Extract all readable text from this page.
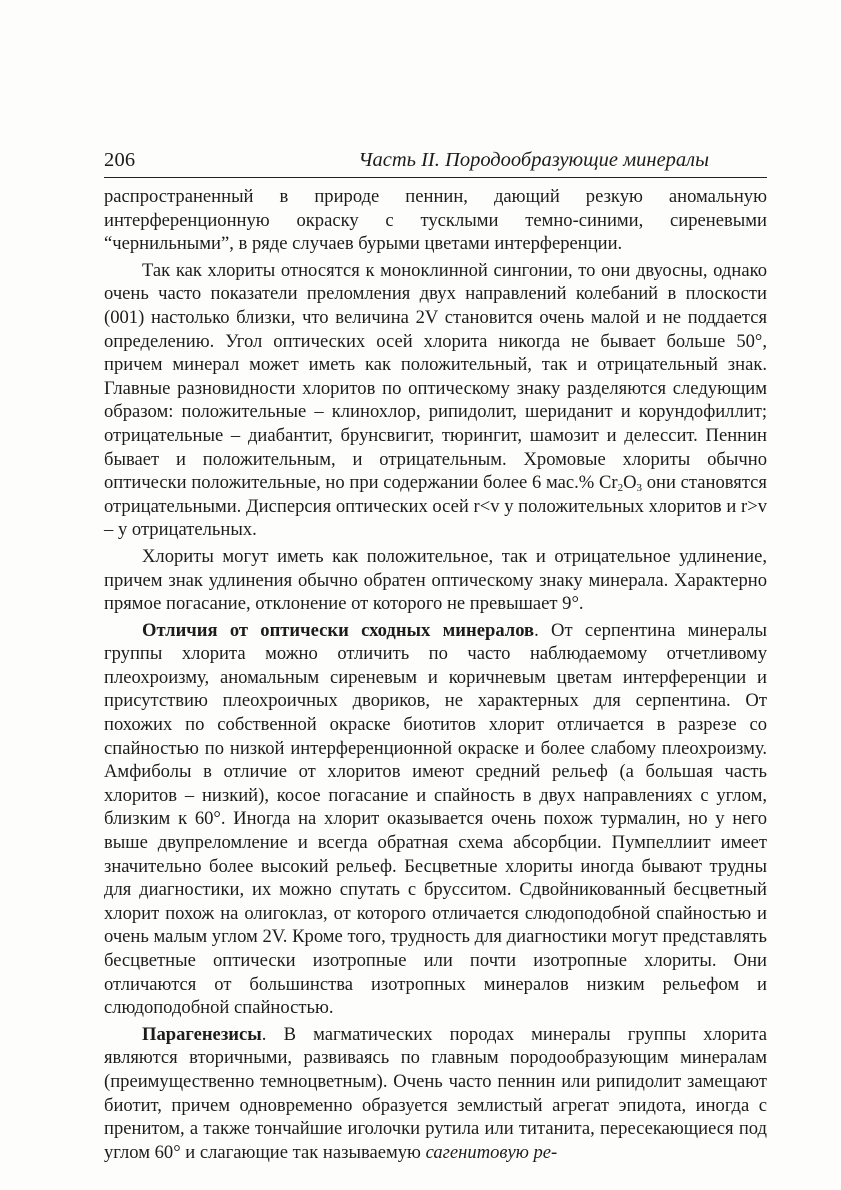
206	Часть II. Породообразующие минералы

распространенный в природе пеннин, дающий резкую аномальную интерференционную окраску с тусклыми темно-синими, сиреневыми “чернильными”, в ряде случаев бурыми цветами интерференции.

Так как хлориты относятся к моноклинной сингонии, то они двуосны, однако очень часто показатели преломления двух направлений колебаний в плоскости (001) настолько близки, что величина 2V становится очень малой и не поддается определению. Угол оптических осей хлорита никогда не бывает больше 50°, причем минерал может иметь как положительный, так и отрицательный знак. Главные разновидности хлоритов по оптическому знаку разделяются следующим образом: положительные – клинохлор, рипидолит, шериданит и корундофиллит; отрицательные – диабантит, брунсвигит, тюрингит, шамозит и делессит. Пеннин бывает и положительным, и отрицательным. Хромовые хлориты обычно оптически положительные, но при содержании более 6 мас.% $Cr_2O_3$ они становятся отрицательными. Дисперсия оптических осей r<v у положительных хлоритов и r>v – у отрицательных.

Хлориты могут иметь как положительное, так и отрицательное удлинение, причем знак удлинения обычно обратен оптическому знаку минерала. Характерно прямое погасание, отклонение от которого не превышает 9°.

Отличия от оптически сходных минералов. От серпентина минералы группы хлорита можно отличить по часто наблюдаемому отчетливому плеохроизму, аномальным сиреневым и коричневым цветам интерференции и присутствию плеохроичных двориков, не характерных для серпентина. От похожих по собственной окраске биотитов хлорит отличается в разрезе со спайностью по низкой интерференционной окраске и более слабому плеохроизму. Амфиболы в отличие от хлоритов имеют средний рельеф (а большая часть хлоритов – низкий), косое погасание и спайность в двух направлениях с углом, близким к 60°. Иногда на хлорит оказывается очень похож турмалин, но у него выше двупреломление и всегда обратная схема абсорбции. Пумпеллиит имеет значительно более высокий рельеф. Бесцветные хлориты иногда бывают трудны для диагностики, их можно спутать с брусситом. Сдвойникованный бесцветный хлорит похож на олигоклаз, от которого отличается слюдоподобной спайностью и очень малым углом 2V. Кроме того, трудность для диагностики могут представлять бесцветные оптически изотропные или почти изотропные хлориты. Они отличаются от большинства изотропных минералов низким рельефом и слюдоподобной спайностью.

Парагенезисы. В магматических породах минералы группы хлорита являются вторичными, развиваясь по главным породообразующим минералам (преимущественно темноцветным). Очень часто пеннин или рипидолит замещают биотит, причем одновременно образуется землистый агрегат эпидота, иногда с пренитом, а также тончайшие иголочки рутила или титанита, пересекающиеся под углом 60° и слагающие так называемую сагенитовую ре-
